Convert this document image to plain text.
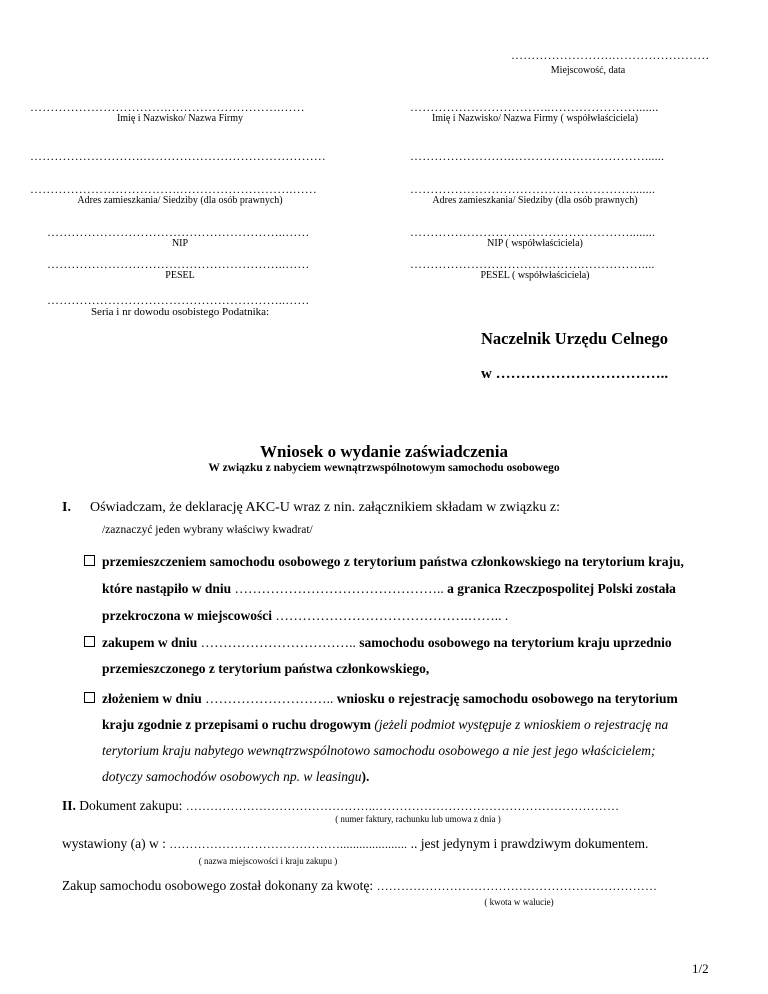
…………………….……………………
Miejscowość, data
…………………………….……………………….……
Imię i Nazwisko/ Nazwa Firmy
……………………….………………………………………
……………………………….……………………….……
Adres zamieszkania/ Siedziby (dla osób prawnych)
…………………………………………………..……
NIP
…………………………………………………..……
PESEL
…………………………………………………..……
Seria i nr dowodu osobistego Podatnika:
……………………………..………………….......
Imię i Nazwisko/ Nazwa Firmy ( współwłaściciela)
…………………….……………………………......
………………………………………………........
Adres zamieszkania/ Siedziby (dla osób prawnych)
………………………………………………........
NIP ( współwłaściciela)
…………………………………………………....
PESEL ( współwłaściciela)
Naczelnik Urzędu Celnego
w ……………………………..
Wniosek o wydanie zaświadczenia
W związku z nabyciem wewnątrzwspólnotowym samochodu osobowego
I. Oświadczam, że deklarację AKC-U wraz z nin. załącznikiem składam w związku z:
/zaznaczyć jeden wybrany właściwy kwadrat/
przemieszczeniem samochodu osobowego z terytorium państwa członkowskiego na terytorium kraju,
które nastąpiło w dniu ……………………………………….. a granica Rzeczpospolitej Polski została
przekroczona w miejscowości …………………………………….…….. .
zakupem w dniu …………………………….. samochodu osobowego na terytorium kraju uprzednio
przemieszczonego z terytorium państwa członkowskiego,
złożeniem w dniu ……………………….. wniosku o rejestrację samochodu osobowego na terytorium
kraju zgodnie z przepisami o ruchu drogowym (jeżeli podmiot występuje z wnioskiem o rejestrację na
terytorium kraju nabytego wewnątrzwspólnotowo samochodu osobowego a nie jest jego właścicielem;
dotyczy samochodów osobowych np. w leasingu).
II. Dokument zakupu: ………………………………………..……………………………………………………
( numer faktury, rachunku lub umowa z dnia )
wystawiony (a) w : ……………………………………..................... .. jest jedynym i prawdziwym dokumentem.
( nazwa miejscowości i kraju zakupu )
Zakup samochodu osobowego został dokonany za kwotę: ……………………………………………………………
( kwota w walucie)
1/2
